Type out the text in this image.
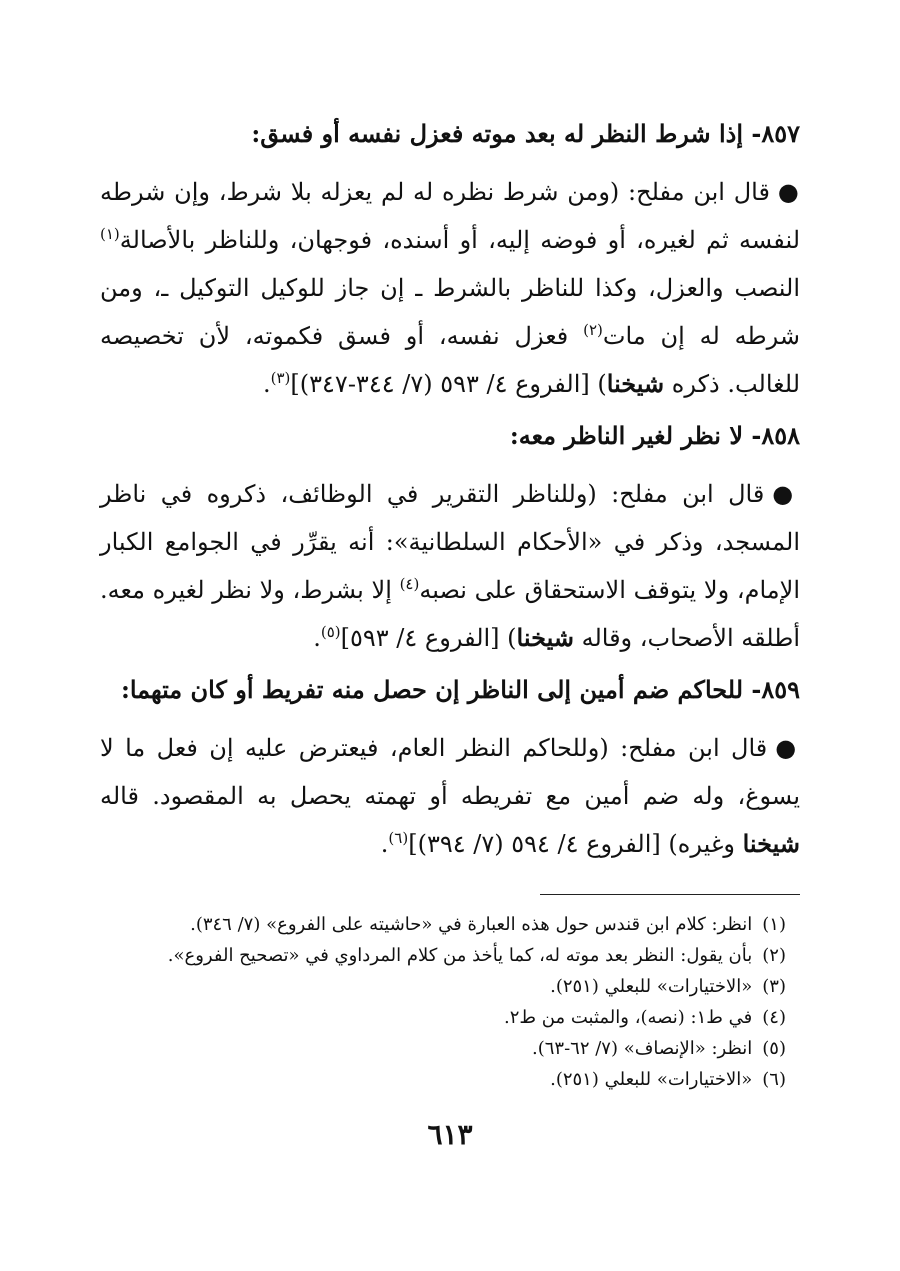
٨٥٧- إذا شرط النظر له بعد موته فعزل نفسه أو فسق:

●قال ابن مفلح: (ومن شرط نظره له لم يعزله بلا شرط، وإن شرطه لنفسه ثم لغيره، أو فوضه إليه، أو أسنده، فوجهان، وللناظر بالأصالة$^{(١)}$ النصب والعزل، وكذا للناظر بالشرط ـ إن جاز للوكيل التوكيل ـ، ومن شرطه له إن مات$^{(٢)}$ فعزل نفسه، أو فسق فكموته، لأن تخصيصه للغالب. ذكره شيخنا) [الفروع ٤/ ٥٩٣ (٧/ ٣٤٤-٣٤٧)]$^{(٣)}$.

٨٥٨- لا نظر لغير الناظر معه:

●قال ابن مفلح: (وللناظر التقرير في الوظائف، ذكروه في ناظر المسجد، وذكر في «الأحكام السلطانية»: أنه يقرِّر في الجوامع الكبار الإمام، ولا يتوقف الاستحقاق على نصبه$^{(٤)}$ إلا بشرط، ولا نظر لغيره معه. أطلقه الأصحاب، وقاله شيخنا) [الفروع ٤/ ٥٩٣]$^{(٥)}$.

٨٥٩- للحاكم ضم أمين إلى الناظر إن حصل منه تفريط أو كان متهما:

●قال ابن مفلح: (وللحاكم النظر العام، فيعترض عليه إن فعل ما لا يسوغ، وله ضم أمين مع تفريطه أو تهمته يحصل به المقصود. قاله شيخنا وغيره) [الفروع ٤/ ٥٩٤ (٧/ ٣٩٤)]$^{(٦)}$.

(١)انظر: كلام ابن قندس حول هذه العبارة في «حاشيته على الفروع» (٧/ ٣٤٦).
(٢)بأن يقول: النظر بعد موته له، كما يأخذ من كلام المرداوي في «تصحيح الفروع».
(٣)«الاختيارات» للبعلي (٢٥١).
(٤)في ط١: (نصه)، والمثبت من ط٢.
(٥)انظر: «الإنصاف» (٧/ ٦٢-٦٣).
(٦)«الاختيارات» للبعلي (٢٥١).
٦١٣
